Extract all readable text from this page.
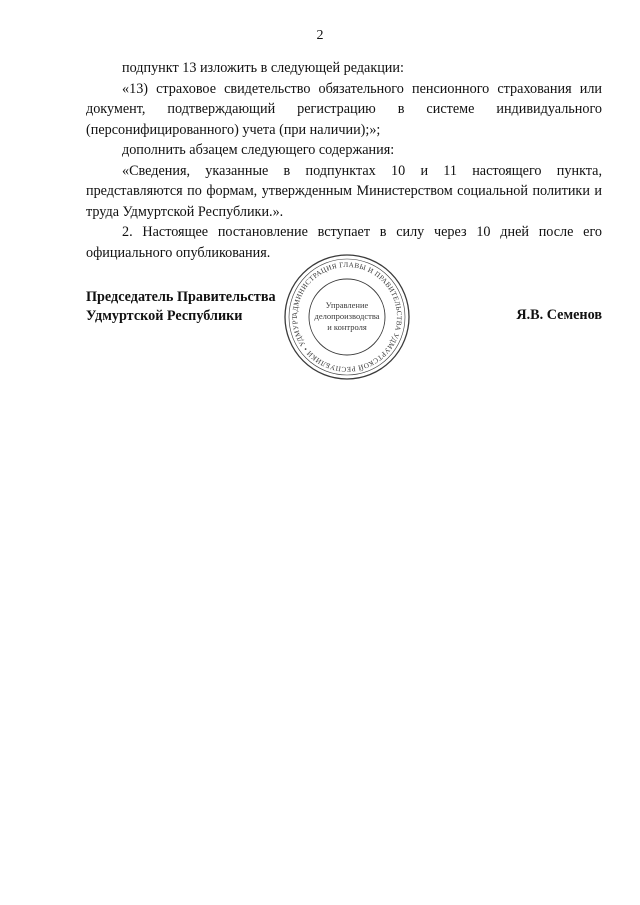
2

подпункт 13 изложить в следующей редакции:

«13) страховое свидетельство обязательного пенсионного страхования или документ, подтверждающий регистрацию в системе индивидуального (персонифицированного) учета (при наличии);»;

дополнить абзацем следующего содержания:

«Сведения, указанные в подпунктах 10 и 11 настоящего пункта, представляются по формам, утвержденным Министерством социальной политики и труда Удмуртской Республики.».

2. Настоящее постановление вступает в силу через 10 дней после его официального опубликования.

Председатель Правительства
Удмуртской Республики	Я.В. Семенов
АДМИНИСТРАЦИЯ ГЛАВЫ И ПРАВИТЕЛЬСТВА УДМУРТСКОЙ РЕСПУБЛИКИ • УДМУРТ
Управление
делопроизводства
и контроля
